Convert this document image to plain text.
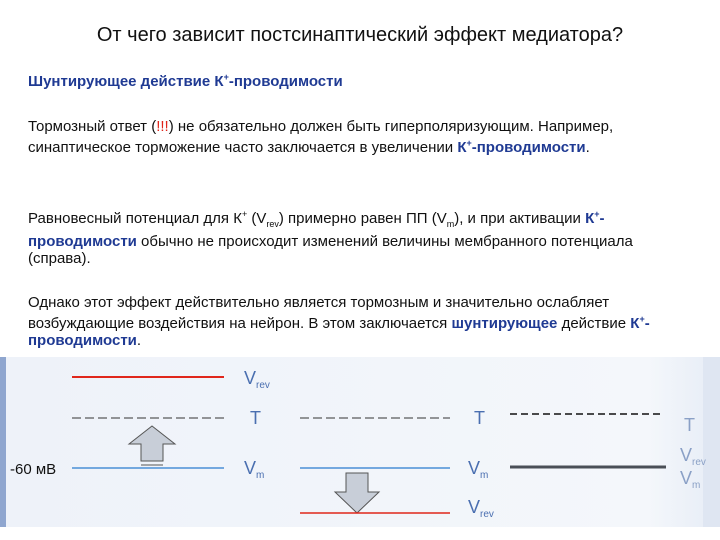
От чего зависит постсинаптический эффект медиатора?
Шунтирующее действие К+-проводимости
Тормозный ответ (!!!) не обязательно должен быть гиперполяризующим. Например, синаптическое торможение часто заключается в увеличении К+-проводимости.
Равновесный потенциал для К+ $(V_{rev})$ примерно равен ПП $(V_m)$, и при активации К+-проводимости обычно не происходит изменений величины мембранного потенциала (справа).
Однако этот эффект действительно является тормозным и значительно ослабляет возбуждающие воздействия на нейрон. В этом заключается шунтирующее действие К+-проводимости.
$V_{rev}$
T
-60 мВ	$V_m$
T
$V_m$
$V_{rev}$
T
$V_{rev}$
$V_m$
